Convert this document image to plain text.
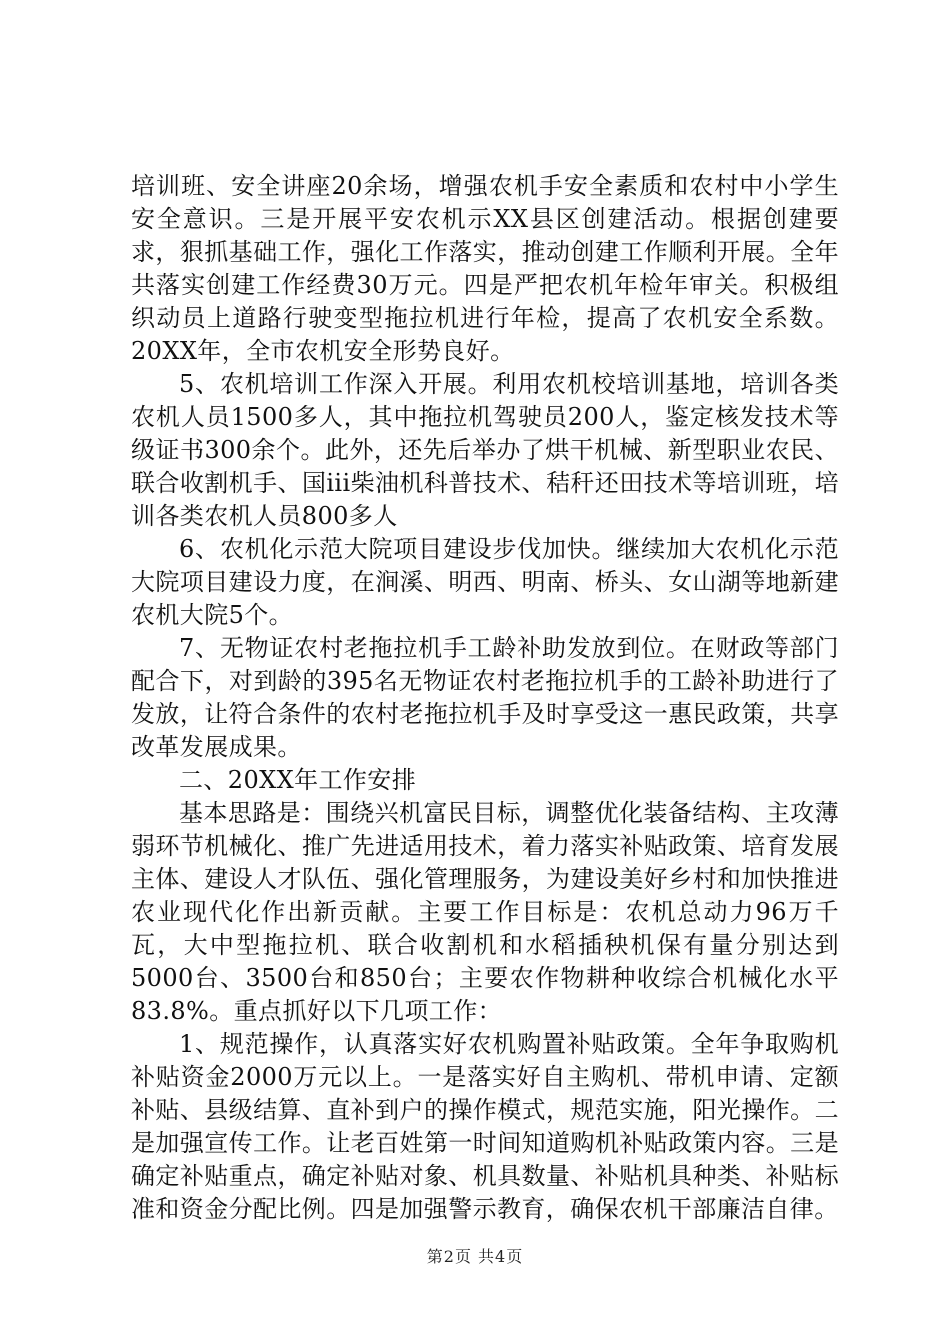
培训班、安全讲座20余场，增强农机手安全素质和农村中小学生安全意识。三是开展平安农机示XX县区创建活动。根据创建要求，狠抓基础工作，强化工作落实，推动创建工作顺利开展。全年共落实创建工作经费30万元。四是严把农机年检年审关。积极组织动员上道路行驶变型拖拉机进行年检，提高了农机安全系数。20XX年，全市农机安全形势良好。

5、农机培训工作深入开展。利用农机校培训基地，培训各类农机人员1500多人，其中拖拉机驾驶员200人，鉴定核发技术等级证书300余个。此外，还先后举办了烘干机械、新型职业农民、联合收割机手、国iii柴油机科普技术、秸秆还田技术等培训班，培训各类农机人员800多人

6、农机化示范大院项目建设步伐加快。继续加大农机化示范大院项目建设力度，在涧溪、明西、明南、桥头、女山湖等地新建农机大院5个。

7、无物证农村老拖拉机手工龄补助发放到位。在财政等部门配合下，对到龄的395名无物证农村老拖拉机手的工龄补助进行了发放，让符合条件的农村老拖拉机手及时享受这一惠民政策，共享改革发展成果。

二、20XX年工作安排

基本思路是：围绕兴机富民目标，调整优化装备结构、主攻薄弱环节机械化、推广先进适用技术，着力落实补贴政策、培育发展主体、建设人才队伍、强化管理服务，为建设美好乡村和加快推进农业现代化作出新贡献。主要工作目标是：农机总动力96万千瓦，大中型拖拉机、联合收割机和水稻插秧机保有量分别达到5000台、3500台和850台；主要农作物耕种收综合机械化水平83.8%。重点抓好以下几项工作：

1、规范操作，认真落实好农机购置补贴政策。全年争取购机补贴资金2000万元以上。一是落实好自主购机、带机申请、定额补贴、县级结算、直补到户的操作模式，规范实施，阳光操作。二是加强宣传工作。让老百姓第一时间知道购机补贴政策内容。三是确定补贴重点，确定补贴对象、机具数量、补贴机具种类、补贴标准和资金分配比例。四是加强警示教育，确保农机干部廉洁自律。

第2页 共4页
